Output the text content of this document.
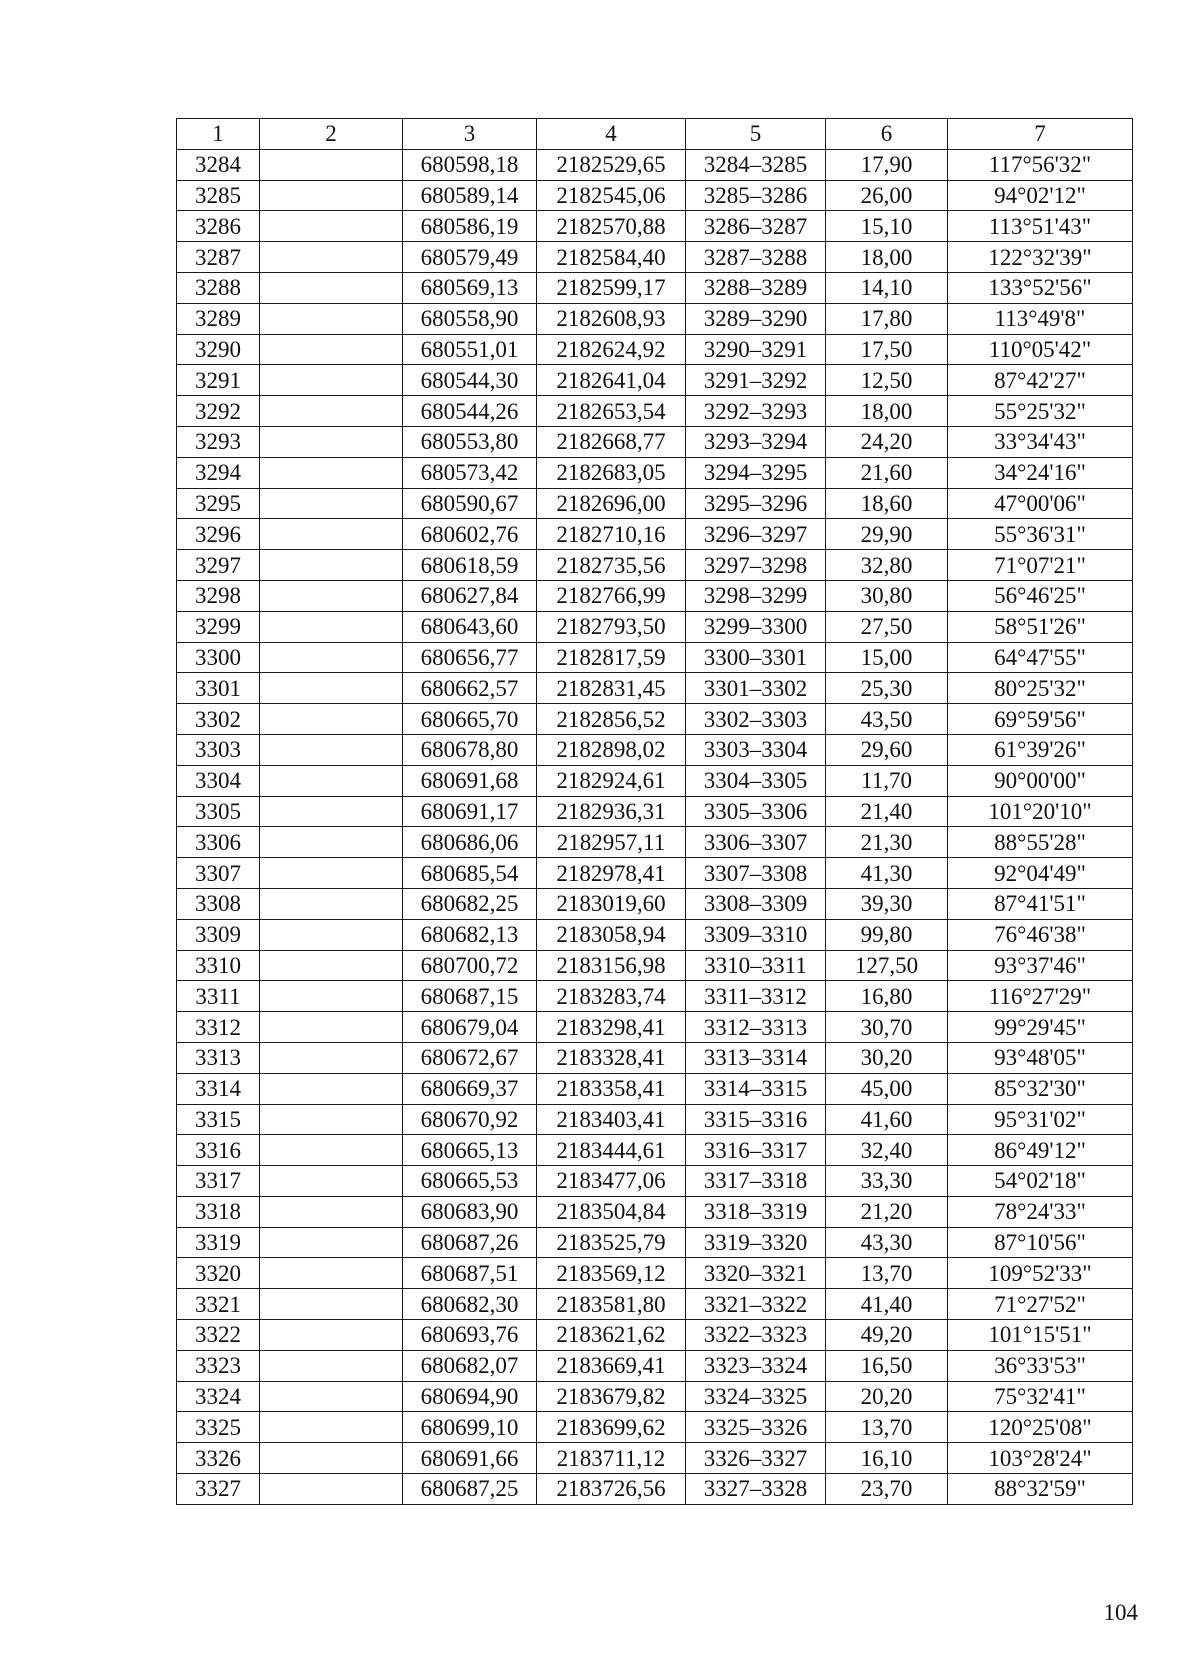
1	2	3	4	5	6	7
3284		680598,18	2182529,65	3284–3285	17,90	117°56'32"
3285		680589,14	2182545,06	3285–3286	26,00	94°02'12"
3286		680586,19	2182570,88	3286–3287	15,10	113°51'43"
3287		680579,49	2182584,40	3287–3288	18,00	122°32'39"
3288		680569,13	2182599,17	3288–3289	14,10	133°52'56"
3289		680558,90	2182608,93	3289–3290	17,80	113°49'8"
3290		680551,01	2182624,92	3290–3291	17,50	110°05'42"
3291		680544,30	2182641,04	3291–3292	12,50	87°42'27"
3292		680544,26	2182653,54	3292–3293	18,00	55°25'32"
3293		680553,80	2182668,77	3293–3294	24,20	33°34'43"
3294		680573,42	2182683,05	3294–3295	21,60	34°24'16"
3295		680590,67	2182696,00	3295–3296	18,60	47°00'06"
3296		680602,76	2182710,16	3296–3297	29,90	55°36'31"
3297		680618,59	2182735,56	3297–3298	32,80	71°07'21"
3298		680627,84	2182766,99	3298–3299	30,80	56°46'25"
3299		680643,60	2182793,50	3299–3300	27,50	58°51'26"
3300		680656,77	2182817,59	3300–3301	15,00	64°47'55"
3301		680662,57	2182831,45	3301–3302	25,30	80°25'32"
3302		680665,70	2182856,52	3302–3303	43,50	69°59'56"
3303		680678,80	2182898,02	3303–3304	29,60	61°39'26"
3304		680691,68	2182924,61	3304–3305	11,70	90°00'00"
3305		680691,17	2182936,31	3305–3306	21,40	101°20'10"
3306		680686,06	2182957,11	3306–3307	21,30	88°55'28"
3307		680685,54	2182978,41	3307–3308	41,30	92°04'49"
3308		680682,25	2183019,60	3308–3309	39,30	87°41'51"
3309		680682,13	2183058,94	3309–3310	99,80	76°46'38"
3310		680700,72	2183156,98	3310–3311	127,50	93°37'46"
3311		680687,15	2183283,74	3311–3312	16,80	116°27'29"
3312		680679,04	2183298,41	3312–3313	30,70	99°29'45"
3313		680672,67	2183328,41	3313–3314	30,20	93°48'05"
3314		680669,37	2183358,41	3314–3315	45,00	85°32'30"
3315		680670,92	2183403,41	3315–3316	41,60	95°31'02"
3316		680665,13	2183444,61	3316–3317	32,40	86°49'12"
3317		680665,53	2183477,06	3317–3318	33,30	54°02'18"
3318		680683,90	2183504,84	3318–3319	21,20	78°24'33"
3319		680687,26	2183525,79	3319–3320	43,30	87°10'56"
3320		680687,51	2183569,12	3320–3321	13,70	109°52'33"
3321		680682,30	2183581,80	3321–3322	41,40	71°27'52"
3322		680693,76	2183621,62	3322–3323	49,20	101°15'51"
3323		680682,07	2183669,41	3323–3324	16,50	36°33'53"
3324		680694,90	2183679,82	3324–3325	20,20	75°32'41"
3325		680699,10	2183699,62	3325–3326	13,70	120°25'08"
3326		680691,66	2183711,12	3326–3327	16,10	103°28'24"
3327		680687,25	2183726,56	3327–3328	23,70	88°32'59"
104
